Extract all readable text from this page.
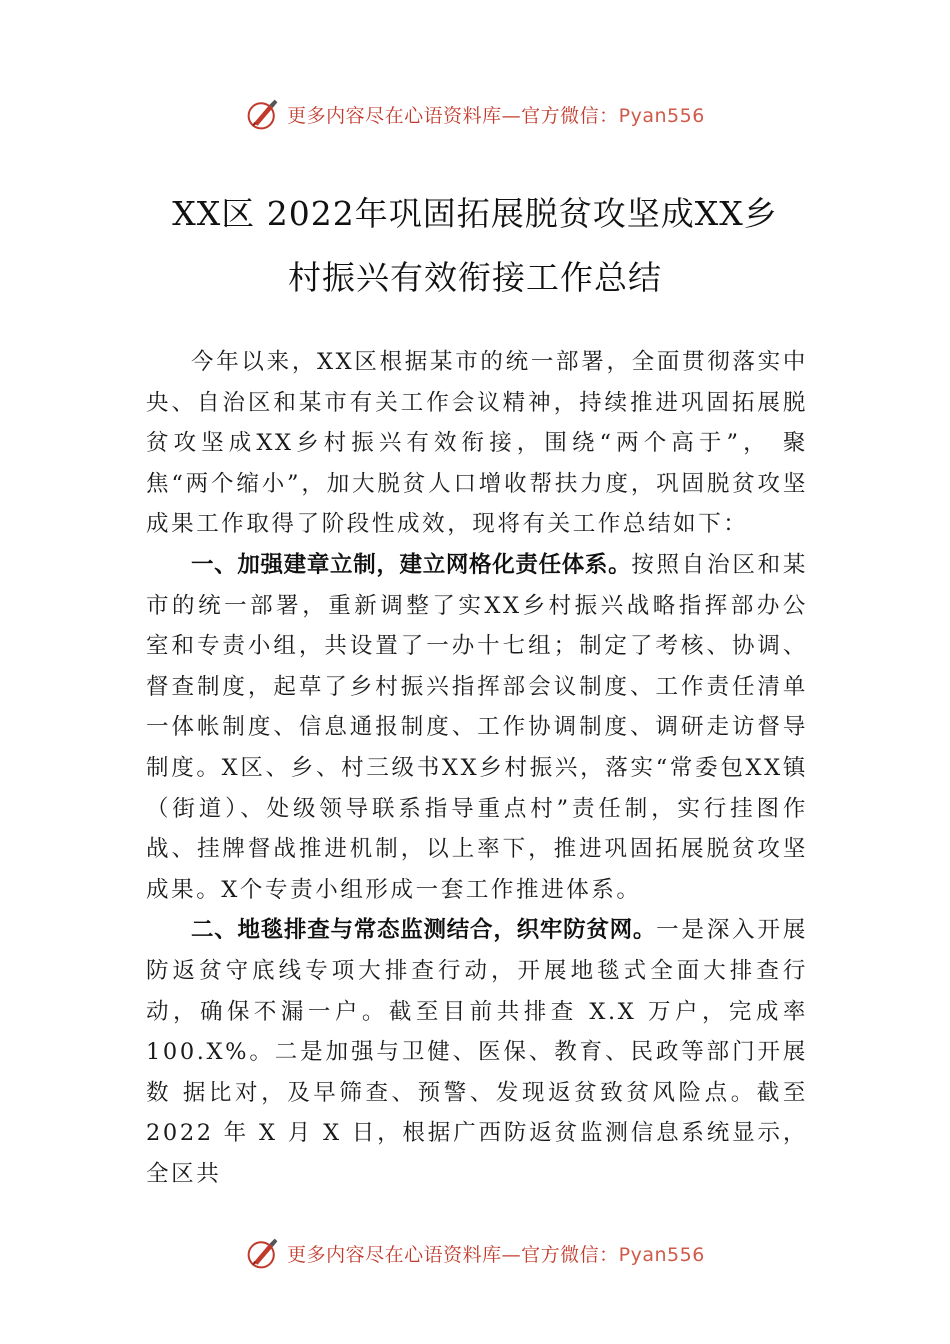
更多内容尽在心语资料库—官方微信：Pyan556
XX区 2022年巩固拓展脱贫攻坚成XX乡
村振兴有效衔接工作总结

今年以来，XX区根据某市的统一部署，全面贯彻落实中央、自治区和某市有关工作会议精神，持续推进巩固拓展脱贫攻坚成XX乡村振兴有效衔接，围绕“两个高于”， 聚焦“两个缩小”，加大脱贫人口增收帮扶力度，巩固脱贫攻坚成果工作取得了阶段性成效，现将有关工作总结如下：

一、加强建章立制，建立网格化责任体系。按照自治区和某市的统一部署，重新调整了实XX乡村振兴战略指挥部办公室和专责小组，共设置了一办十七组；制定了考核、协调、督查制度，起草了乡村振兴指挥部会议制度、工作责任清单一体帐制度、信息通报制度、工作协调制度、调研走访督导制度。X区、乡、村三级书XX乡村振兴，落实“常委包XX镇（街道）、处级领导联系指导重点村”责任制，实行挂图作战、挂牌督战推进机制，以上率下，推进巩固拓展脱贫攻坚成果。X个专责小组形成一套工作推进体系。

二、地毯排查与常态监测结合，织牢防贫网。一是深入开展防返贫守底线专项大排查行动，开展地毯式全面大排查行动，确保不漏一户。截至目前共排查 X.X 万户，完成率100.X%。二是加强与卫健、医保、教育、民政等部门开展数 据比对，及早筛查、预警、发现返贫致贫风险点。截至 2022 年 X 月 X 日，根据广西防返贫监测信息系统显示，全区共

更多内容尽在心语资料库—官方微信：Pyan556
